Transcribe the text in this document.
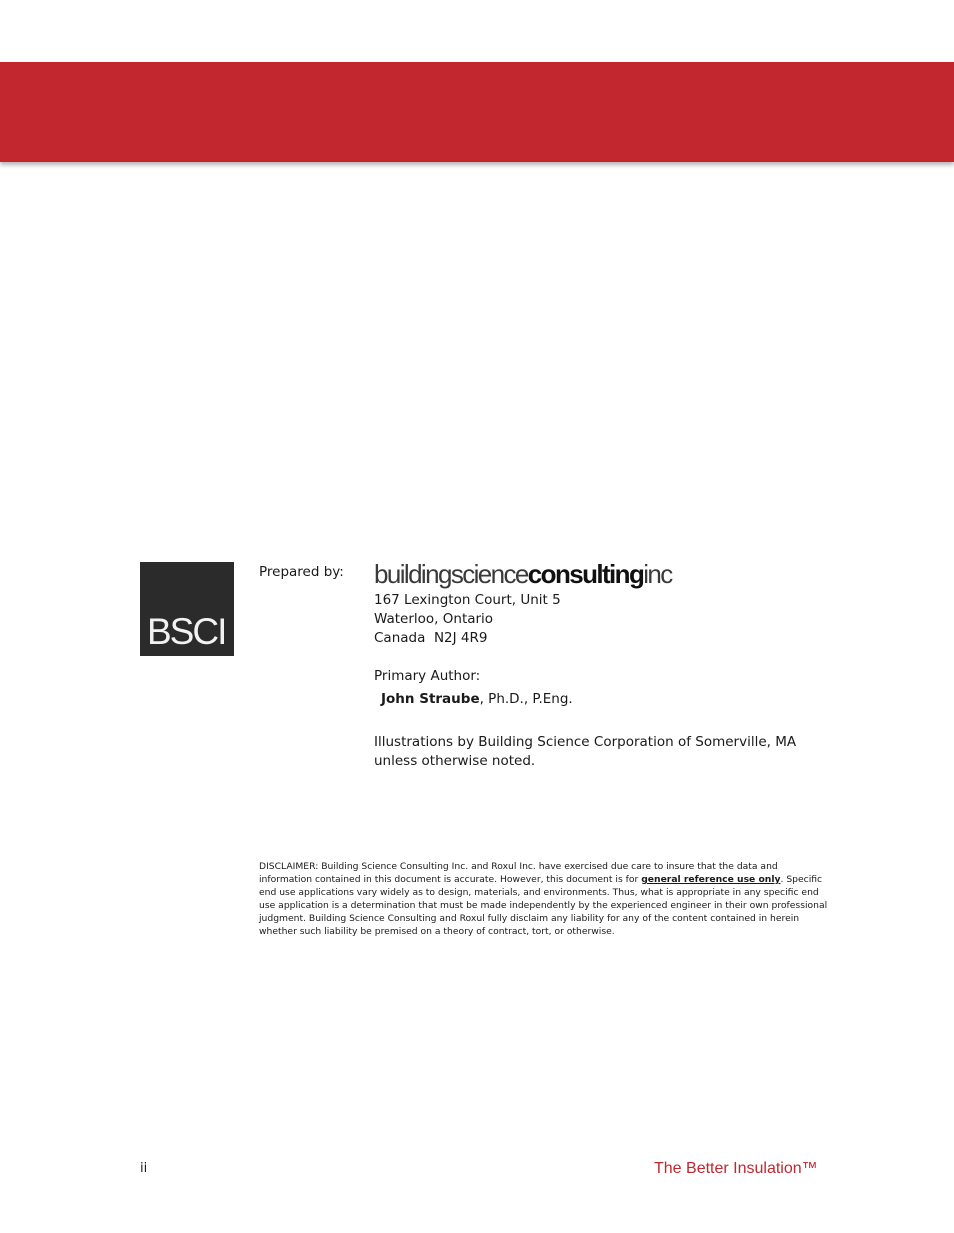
BSCI
Prepared by: buildingscienceconsultinginc
167 Lexington Court, Unit 5
Waterloo, Ontario
Canada  N2J 4R9
Primary Author:
John Straube, Ph.D., P.Eng.
Illustrations by Building Science Corporation of Somerville, MA unless otherwise noted.
DISCLAIMER: Building Science Consulting Inc. and Roxul Inc. have exercised due care to insure that the data and information contained in this document is accurate. However, this document is for general reference use only. Specific end use applications vary widely as to design, materials, and environments. Thus, what is appropriate in any specific end use application is a determination that must be made independently by the experienced engineer in their own professional judgment. Building Science Consulting and Roxul fully disclaim any liability for any of the content contained in herein whether such liability be premised on a theory of contract, tort, or otherwise.
ii	The Better Insulation™
